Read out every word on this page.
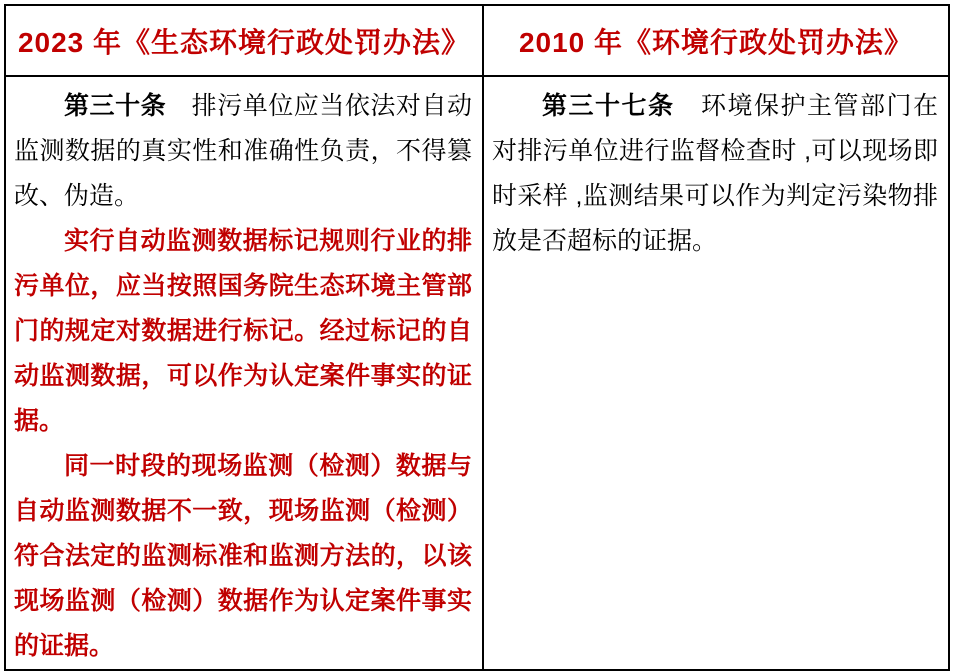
2023 年《生态环境行政处罚办法》	2010 年《环境行政处罚办法》

第三十条　排污单位应当依法对自动监测数据的真实性和准确性负责，不得篡改、伪造。

实行自动监测数据标记规则行业的排污单位，应当按照国务院生态环境主管部门的规定对数据进行标记。经过标记的自动监测数据，可以作为认定案件事实的证据。

同一时段的现场监测（检测）数据与自动监测数据不一致，现场监测（检测）符合法定的监测标准和监测方法的，以该现场监测（检测）数据作为认定案件事实的证据。	第三十七条　环境保护主管部门在对排污单位进行监督检查时 ,可以现场即时采样 ,监测结果可以作为判定污染物排放是否超标的证据。
